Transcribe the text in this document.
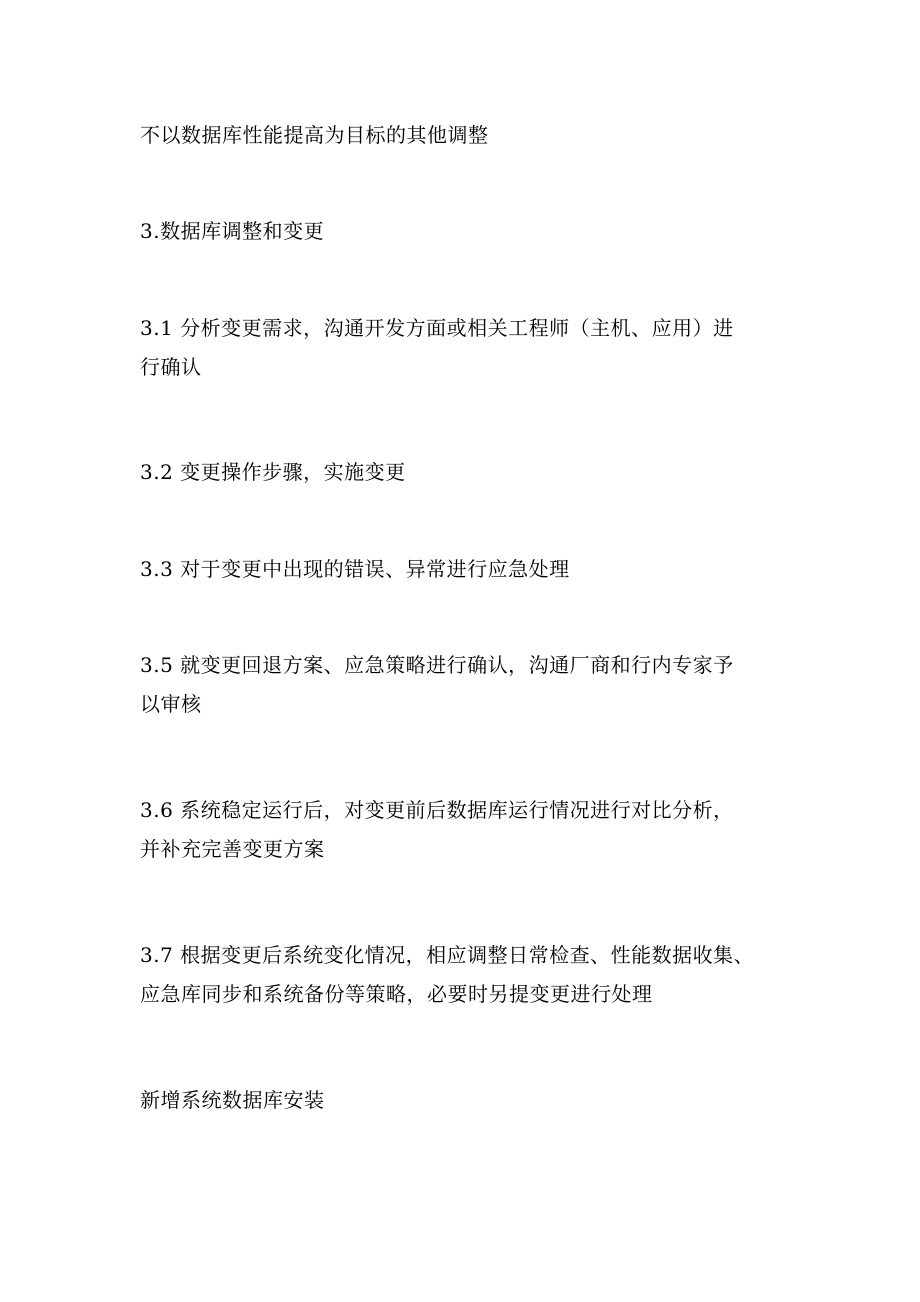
不以数据库性能提高为目标的其他调整
3.数据库调整和变更
3.1 分析变更需求，沟通开发方面或相关工程师（主机、应用）进
行确认
3.2 变更操作步骤，实施变更
3.3 对于变更中出现的错误、异常进行应急处理
3.5 就变更回退方案、应急策略进行确认，沟通厂商和行内专家予
以审核
3.6 系统稳定运行后，对变更前后数据库运行情况进行对比分析，
并补充完善变更方案
3.7 根据变更后系统变化情况，相应调整日常检查、性能数据收集、
应急库同步和系统备份等策略，必要时另提变更进行处理
新增系统数据库安装
